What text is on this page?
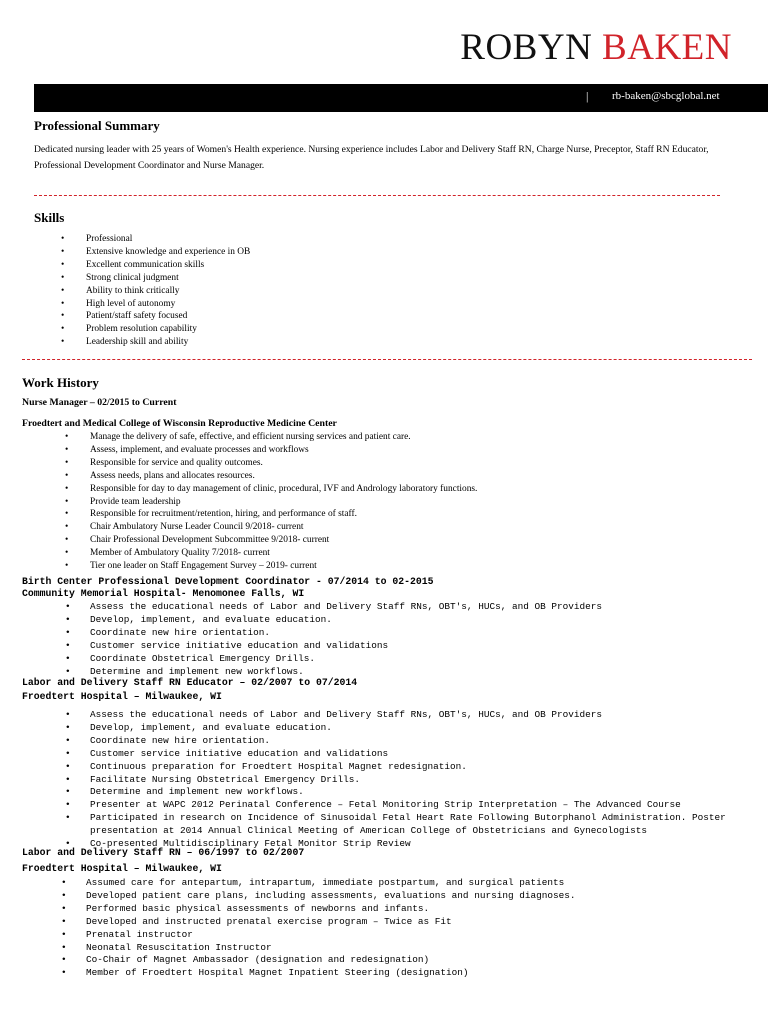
ROBYN BAKEN
| rb-baken@sbcglobal.net
Professional Summary
Dedicated nursing leader with 25 years of Women's Health experience. Nursing experience includes Labor and Delivery Staff RN, Charge Nurse, Preceptor, Staff RN Educator, Professional Development Coordinator and Nurse Manager.
Skills
• Professional
• Extensive knowledge and experience in OB
• Excellent communication skills
• Strong clinical judgment
• Ability to think critically
• High level of autonomy
• Patient/staff safety focused
• Problem resolution capability
• Leadership skill and ability
Work History
Nurse Manager – 02/2015 to Current
Froedtert and Medical College of Wisconsin Reproductive Medicine Center
• Manage the delivery of safe, effective, and efficient nursing services and patient care.
• Assess, implement, and evaluate processes and workflows
• Responsible for service and quality outcomes.
• Assess needs, plans and allocates resources.
• Responsible for day to day management of clinic, procedural, IVF and Andrology laboratory functions.
• Provide team leadership
• Responsible for recruitment/retention, hiring, and performance of staff.
• Chair Ambulatory Nurse Leader Council 9/2018- current
• Chair Professional Development Subcommittee 9/2018- current
• Member of Ambulatory Quality 7/2018- current
• Tier one leader on Staff Engagement Survey – 2019- current
Birth Center Professional Development Coordinator - 07/2014 to 02-2015
Community Memorial Hospital- Menomonee Falls, WI
• Assess the educational needs of Labor and Delivery Staff RNs, OBT's, HUCs, and OB Providers
• Develop, implement, and evaluate education.
• Coordinate new hire orientation.
• Customer service initiative education and validations
• Coordinate Obstetrical Emergency Drills.
• Determine and implement new workflows.
Labor and Delivery Staff RN Educator – 02/2007 to 07/2014
Froedtert Hospital – Milwaukee, WI
• Assess the educational needs of Labor and Delivery Staff RNs, OBT's, HUCs, and OB Providers
• Develop, implement, and evaluate education.
• Coordinate new hire orientation.
• Customer service initiative education and validations
• Continuous preparation for Froedtert Hospital Magnet redesignation.
• Facilitate Nursing Obstetrical Emergency Drills.
• Determine and implement new workflows.
• Presenter at WAPC 2012 Perinatal Conference – Fetal Monitoring Strip Interpretation – The Advanced Course
• Participated in research on Incidence of Sinusoidal Fetal Heart Rate Following Butorphanol Administration. Poster presentation at 2014 Annual Clinical Meeting of American College of Obstetricians and Gynecologists
• Co-presented Multidisciplinary Fetal Monitor Strip Review
Labor and Delivery Staff RN – 06/1997 to 02/2007
Froedtert Hospital – Milwaukee, WI
• Assumed care for antepartum, intrapartum, immediate postpartum, and surgical patients
• Developed patient care plans, including assessments, evaluations and nursing diagnoses.
• Performed basic physical assessments of newborns and infants.
• Developed and instructed prenatal exercise program – Twice as Fit
• Prenatal instructor
• Neonatal Resuscitation Instructor
• Co-Chair of Magnet Ambassador (designation and redesignation)
• Member of Froedtert Hospital Magnet Inpatient Steering (designation)
